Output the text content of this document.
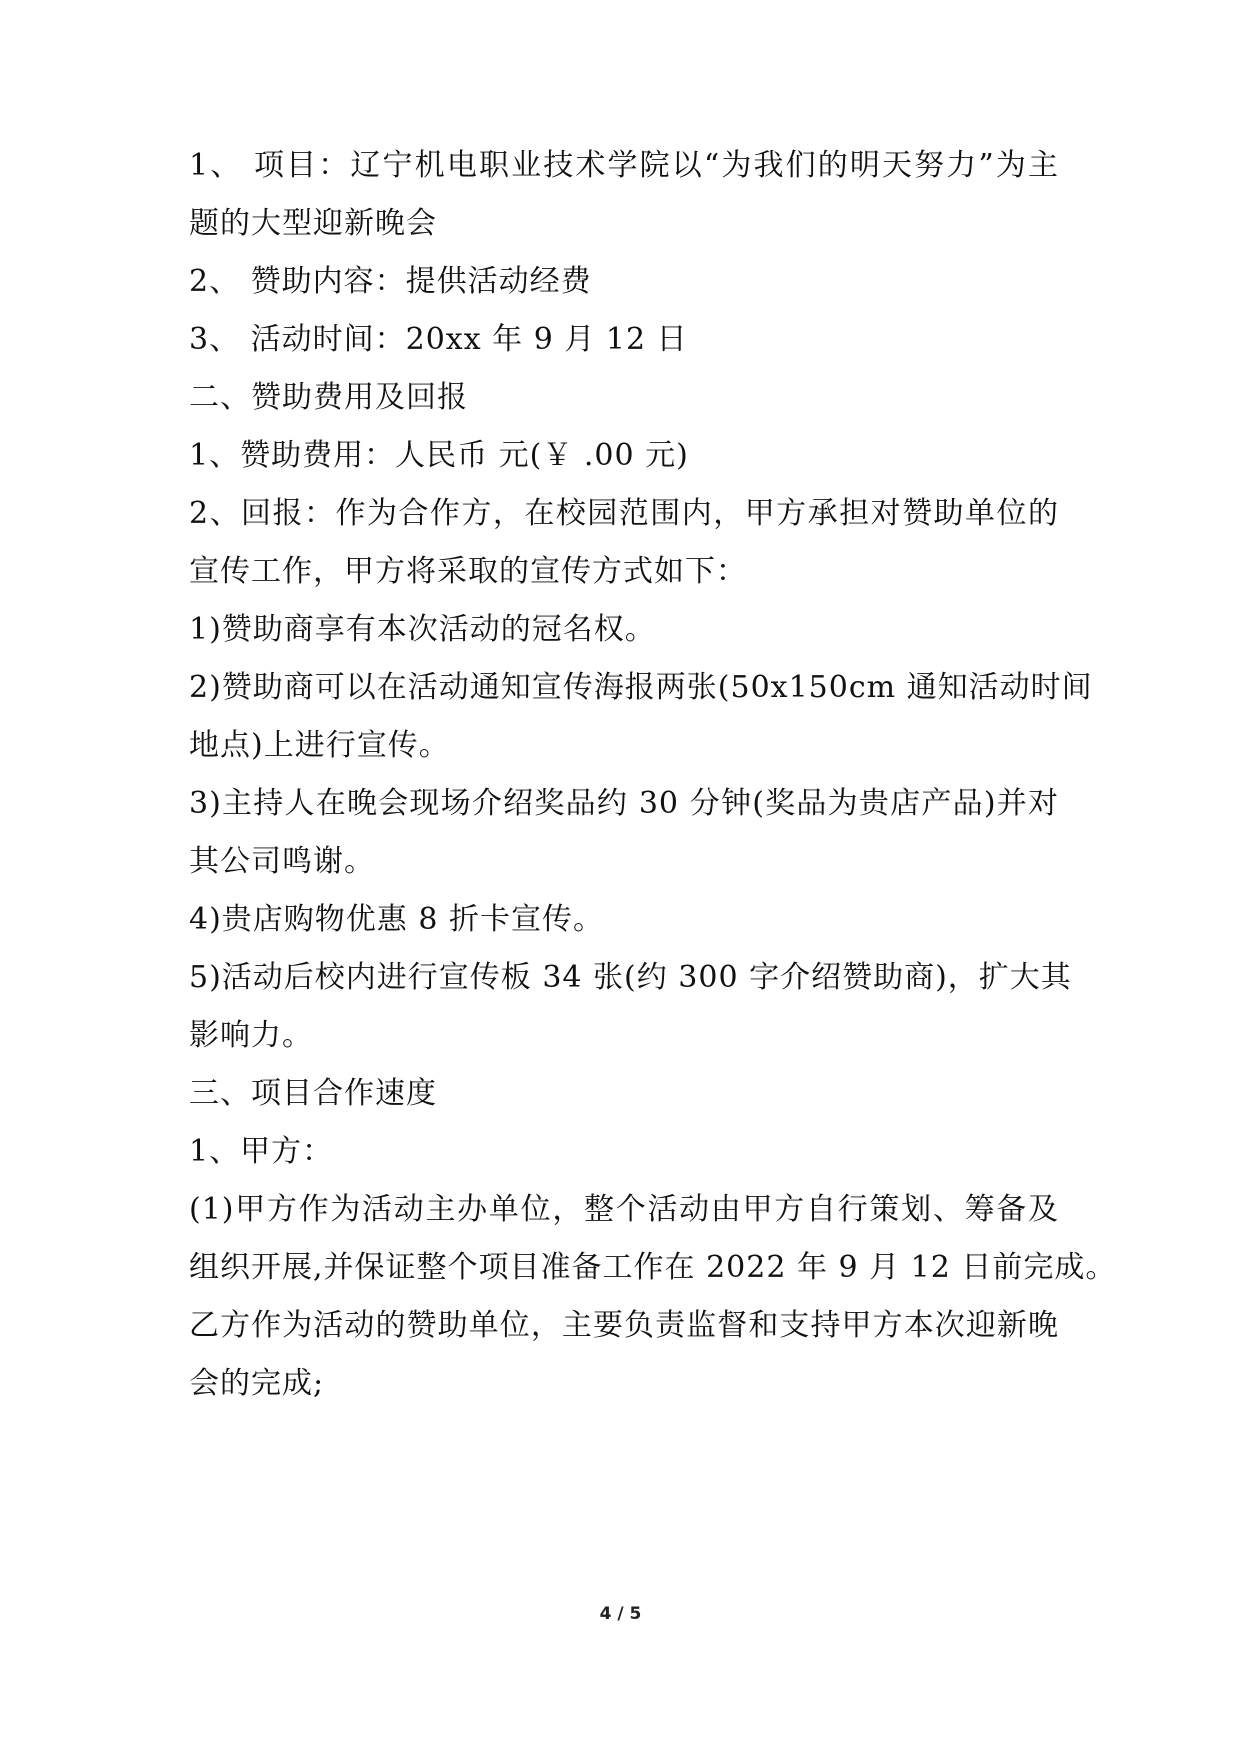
1、 项目：辽宁机电职业技术学院以“为我们的明天努力”为主
题的大型迎新晚会
2、 赞助内容：提供活动经费
3、 活动时间：20xx 年 9 月 12 日
二、赞助费用及回报
1、赞助费用：人民币 元(￥ .00 元)
2、回报：作为合作方，在校园范围内，甲方承担对赞助单位的
宣传工作，甲方将采取的宣传方式如下：
1)赞助商享有本次活动的冠名权。
2)赞助商可以在活动通知宣传海报两张(50x150cm 通知活动时间
地点)上进行宣传。
3)主持人在晚会现场介绍奖品约 30 分钟(奖品为贵店产品)并对
其公司鸣谢。
4)贵店购物优惠 8 折卡宣传。
5)活动后校内进行宣传板 34 张(约 300 字介绍赞助商)，扩大其
影响力。
三、项目合作速度
1、甲方：
(1)甲方作为活动主办单位，整个活动由甲方自行策划、筹备及
组织开展,并保证整个项目准备工作在 2022 年 9 月 12 日前完成。
乙方作为活动的赞助单位，主要负责监督和支持甲方本次迎新晚
会的完成;
4 / 5
